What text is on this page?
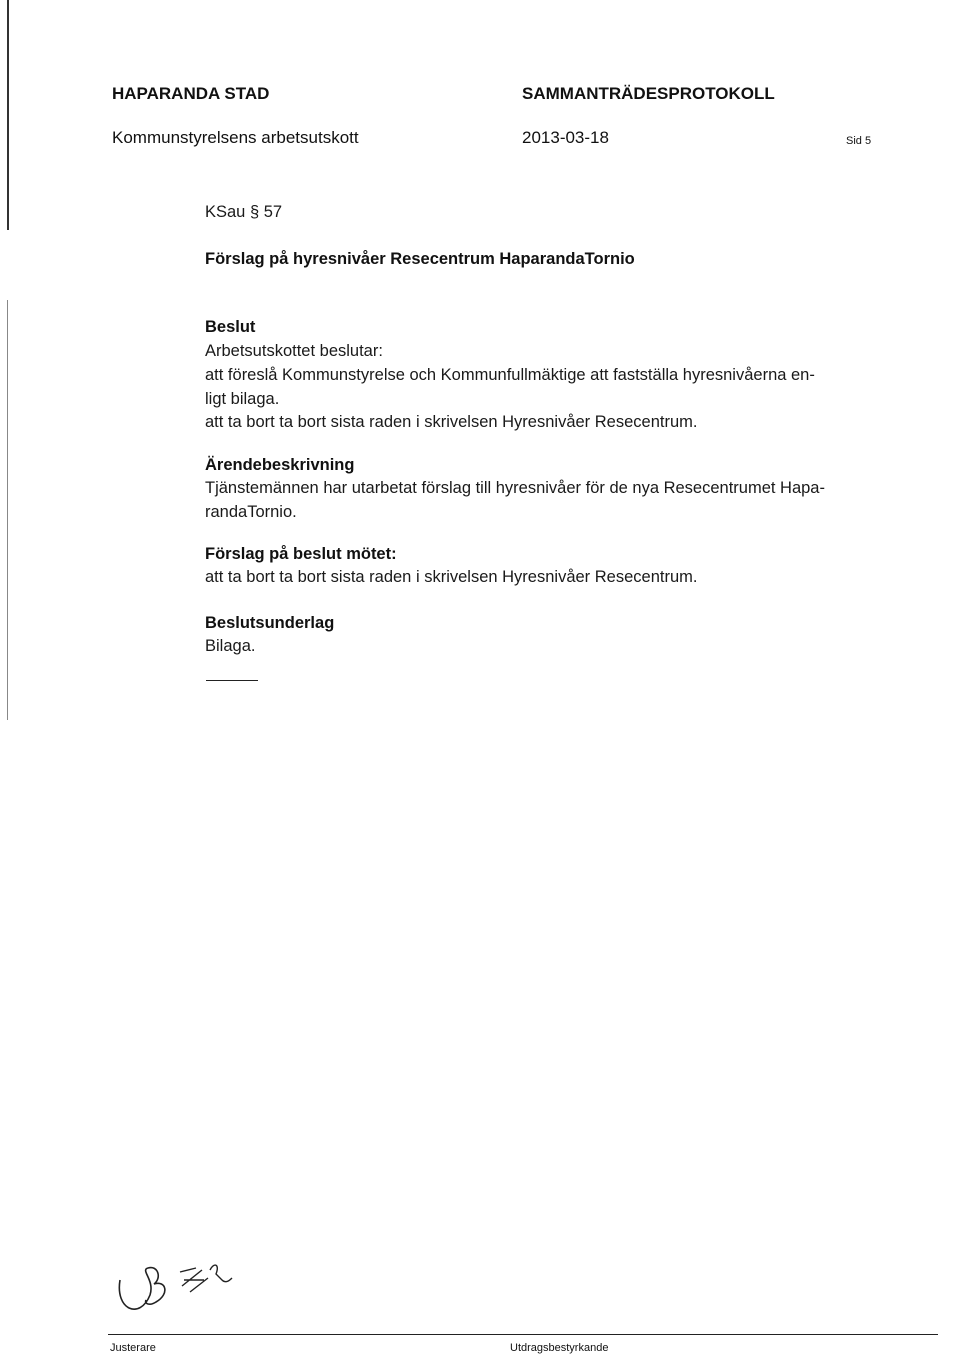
HAPARANDA STAD	SAMMANTRÄDESPROTOKOLL
Kommunstyrelsens arbetsutskott	2013-03-18	Sid 5
KSau § 57
Förslag på hyresnivåer Resecentrum HaparandaTornio
Beslut
Arbetsutskottet beslutar:
att föreslå Kommunstyrelse och Kommunfullmäktige att fastställa hyresnivåerna en-
ligt bilaga.
att ta bort ta bort sista raden i skrivelsen Hyresnivåer Resecentrum.
Ärendebeskrivning
Tjänstemännen har utarbetat förslag till hyresnivåer för de nya Resecentrumet Hapa-
randaTornio.
Förslag på beslut mötet:
att ta bort ta bort sista raden i skrivelsen Hyresnivåer Resecentrum.
Beslutsunderlag
Bilaga.
Justerare	Utdragsbestyrkande
